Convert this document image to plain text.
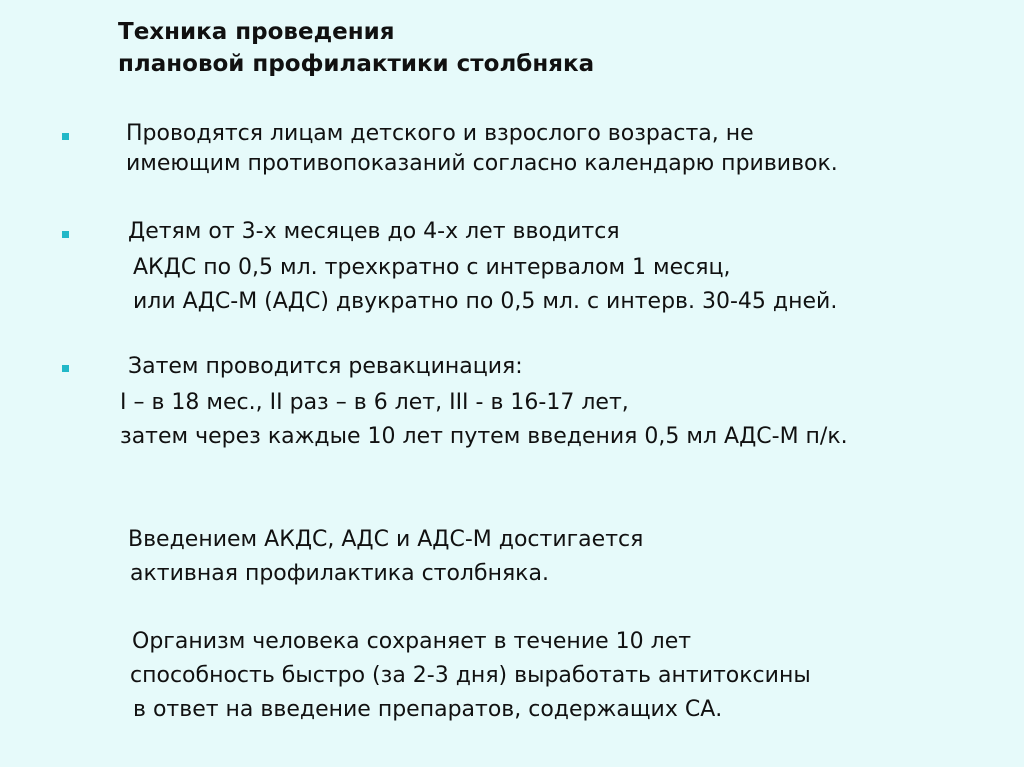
Техника проведения
плановой профилактики столбняка
Проводятся лицам детского и взрослого возраста, не
имеющим противопоказаний согласно календарю прививок.
Детям от 3-х месяцев до 4-х лет вводится
АКДС по 0,5 мл. трехкратно с интервалом 1 месяц,
или АДС-М (АДС) двукратно по 0,5 мл. с интерв. 30-45 дней.
Затем проводится ревакцинация:
I – в 18 мес., II раз – в 6 лет, III - в 16-17 лет,
затем через каждые 10 лет путем введения 0,5 мл АДС-М п/к.
Введением АКДС, АДС и АДС-М достигается
активная профилактика столбняка.
Организм человека сохраняет в течение 10 лет
способность быстро (за 2-3 дня) выработать антитоксины
в ответ на введение препаратов, содержащих СА.
